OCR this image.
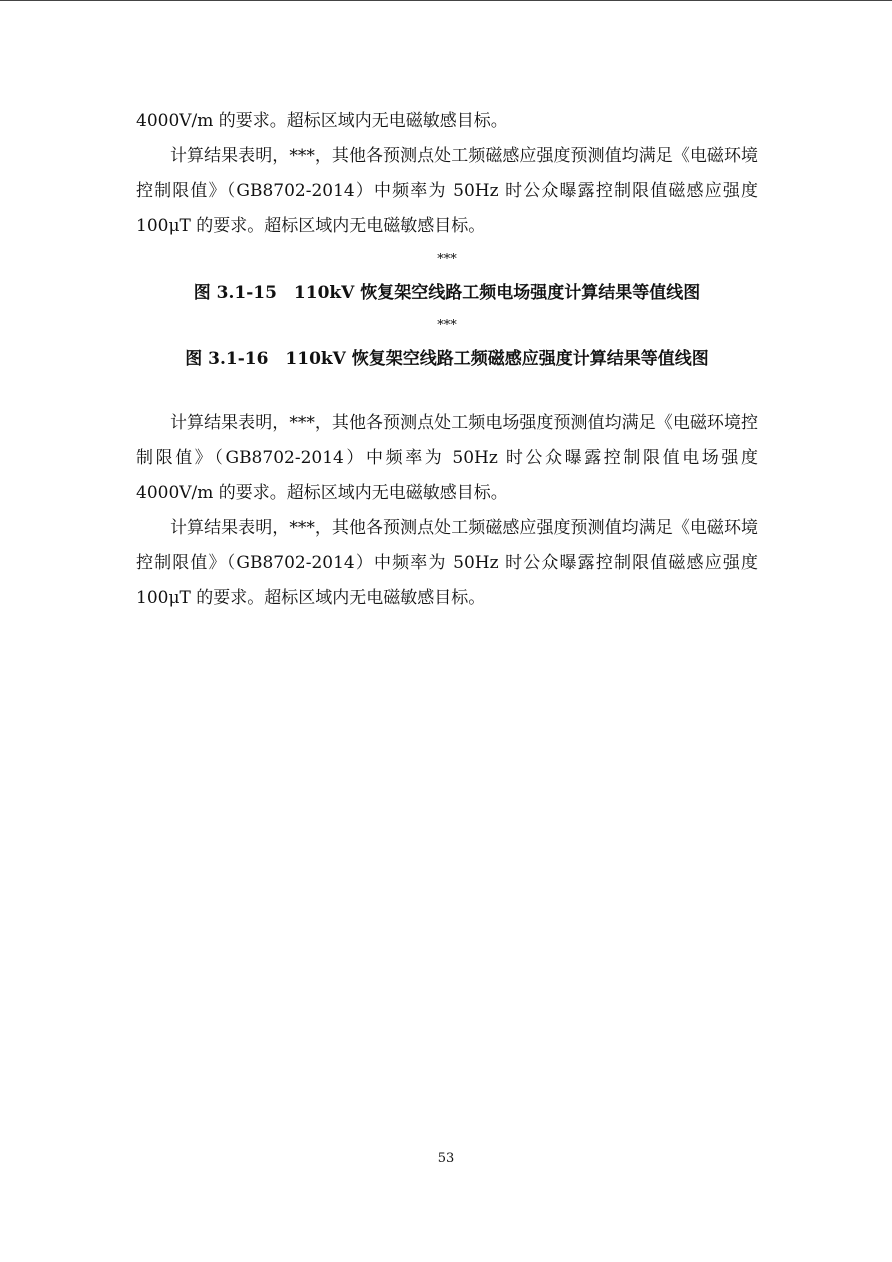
4000V/m 的要求。超标区域内无电磁敏感目标。

计算结果表明，***，其他各预测点处工频磁感应强度预测值均满足《电磁环境控制限值》（GB8702-2014）中频率为 50Hz 时公众曝露控制限值磁感应强度 100μT 的要求。超标区域内无电磁敏感目标。

***

图 3.1-15　110kV 恢复架空线路工频电场强度计算结果等值线图

***

图 3.1-16　110kV 恢复架空线路工频磁感应强度计算结果等值线图

计算结果表明，***，其他各预测点处工频电场强度预测值均满足《电磁环境控制限值》（GB8702-2014）中频率为 50Hz 时公众曝露控制限值电场强度 4000V/m 的要求。超标区域内无电磁敏感目标。

计算结果表明，***，其他各预测点处工频磁感应强度预测值均满足《电磁环境控制限值》（GB8702-2014）中频率为 50Hz 时公众曝露控制限值磁感应强度 100μT 的要求。超标区域内无电磁敏感目标。

53
